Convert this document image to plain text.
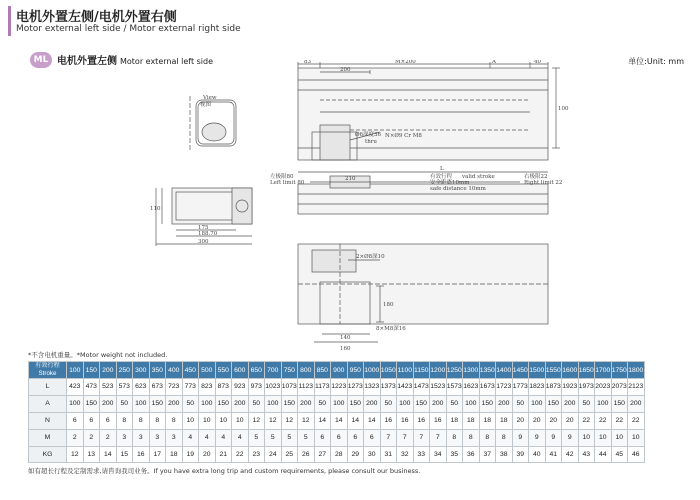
电机外置左侧/电机外置右侧
Motor external left side / Motor external right side
ML 电机外置左侧 Motor external left side	单位:Unit: mm
83
200
M×200	A	40
100
Ø6深度36
thru
N×Ø9 Cr M8
View
视图
175
188.70
300
110
L
左极限80
Left limit 80
210	有效行程 valid stroke
安全距离10mm
safe distance 10mm
右极限22
Right limit 22
2×Ø8深10
180
8×M8深16
140
160
*不含电机重量。*Motor weight not included.
有效行程
Stroke	100	150	200	250	300	350	400	450	500	550	600	650	700	750	800	850	900	950	1000	1050	1100	1150	1200	1250	1300	1350	1400	1450	1500	1550	1600	1650	1700	1750	1800
L	423	473	523	573	623	673	723	773	823	873	923	973	1023	1073	1123	1173	1223	1273	1323	1373	1423	1473	1523	1573	1623	1673	1723	1773	1823	1873	1923	1973	2023	2073	2123
A	100	150	200	50	100	150	200	50	100	150	200	50	100	150	200	50	100	150	200	50	100	150	200	50	100	150	200	50	100	150	200	50	100	150	200
N	6	6	6	8	8	8	8	10	10	10	10	12	12	12	12	14	14	14	14	16	16	16	16	18	18	18	18	20	20	20	20	22	22	22	22
M	2	2	2	3	3	3	3	4	4	4	4	5	5	5	5	6	6	6	6	7	7	7	7	8	8	8	8	9	9	9	9	10	10	10	10
KG	12	13	14	15	16	17	18	19	20	21	22	23	24	25	26	27	28	29	30	31	32	33	34	35	36	37	38	39	40	41	42	43	44	45	46
如有超长行程及定制需求,请咨询我司业务。If you have extra long trip and custom requirements, please consult our business.
